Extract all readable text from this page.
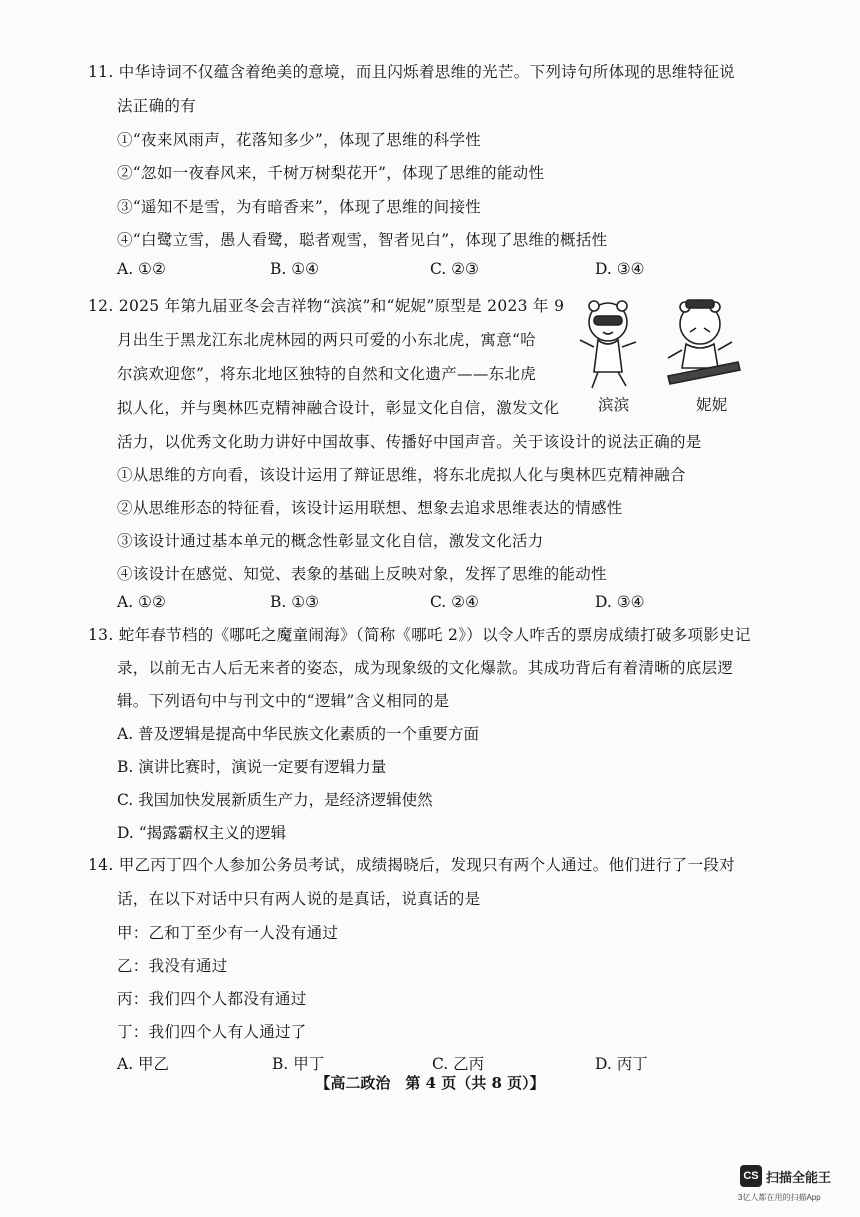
11. 中华诗词不仅蕴含着绝美的意境，而且闪烁着思维的光芒。下列诗句所体现的思维特征说
法正确的有
①“夜来风雨声，花落知多少”，体现了思维的科学性
②“忽如一夜春风来，千树万树梨花开”，体现了思维的能动性
③“遥知不是雪，为有暗香来”，体现了思维的间接性
④“白鹭立雪，愚人看鹭，聪者观雪，智者见白”，体现了思维的概括性
A. ①②	B. ①④	C. ②③	D. ③④
12. 2025 年第九届亚冬会吉祥物“滨滨”和“妮妮”原型是 2023 年 9
月出生于黑龙江东北虎林园的两只可爱的小东北虎，寓意“哈
尔滨欢迎您”，将东北地区独特的自然和文化遗产——东北虎
拟人化，并与奥林匹克精神融合设计，彰显文化自信，激发文化
活力，以优秀文化助力讲好中国故事、传播好中国声音。关于该设计的说法正确的是
滨滨	妮妮
①从思维的方向看，该设计运用了辩证思维，将东北虎拟人化与奥林匹克精神融合
②从思维形态的特征看，该设计运用联想、想象去追求思维表达的情感性
③该设计通过基本单元的概念性彰显文化自信，激发文化活力
④该设计在感觉、知觉、表象的基础上反映对象，发挥了思维的能动性
A. ①②	B. ①③	C. ②④	D. ③④
13. 蛇年春节档的《哪吒之魔童闹海》（简称《哪吒 2》）以令人咋舌的票房成绩打破多项影史记
录，以前无古人后无来者的姿态，成为现象级的文化爆款。其成功背后有着清晰的底层逻
辑。下列语句中与刊文中的“逻辑”含义相同的是
A. 普及逻辑是提高中华民族文化素质的一个重要方面
B. 演讲比赛时，演说一定要有逻辑力量
C. 我国加快发展新质生产力，是经济逻辑使然
D. “揭露霸权主义的逻辑
14. 甲乙丙丁四个人参加公务员考试，成绩揭晓后，发现只有两个人通过。他们进行了一段对
话，在以下对话中只有两人说的是真话，说真话的是
甲：乙和丁至少有一人没有通过
乙：我没有通过
丙：我们四个人都没有通过
丁：我们四个人有人通过了
A. 甲乙	B. 甲丁	C. 乙丙	D. 丙丁
【高二政治　第 4 页（共 8 页）】
CS 扫描全能王
3亿人都在用的扫描App
